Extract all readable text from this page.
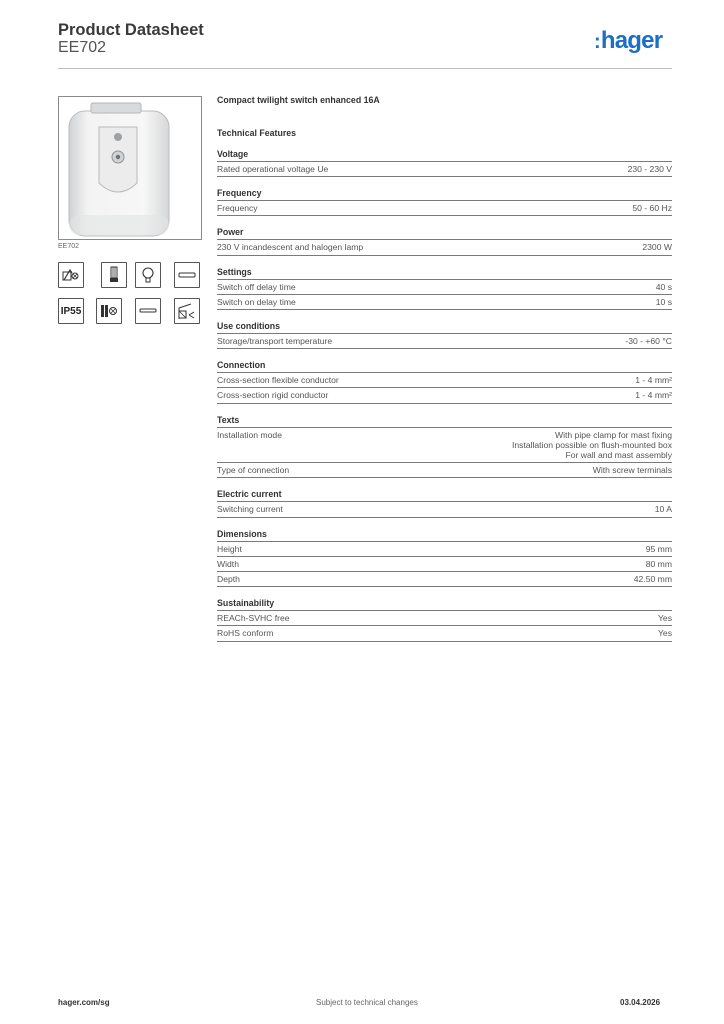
Product Datasheet
EE702	:hager
EE702
IP55
Compact twilight switch enhanced 16A
Technical Features
Voltage
Rated operational voltage Ue	230 - 230 V
Frequency
Frequency	50 - 60 Hz
Power
230 V incandescent and halogen lamp	2300 W
Settings
Switch off delay time	40 s
Switch on delay time	10 s
Use conditions
Storage/transport temperature	-30 - +60 °C
Connection
Cross-section flexible conductor	1 - 4 mm²
Cross-section rigid conductor	1 - 4 mm²
Texts
Installation mode	With pipe clamp for mast fixing
Installation possible on flush-mounted box
For wall and mast assembly
Type of connection	With screw terminals
Electric current
Switching current	10 A
Dimensions
Height	95 mm
Width	80 mm
Depth	42.50 mm
Sustainability
REACh-SVHC free	Yes
RoHS conform	Yes
hager.com/sg	Subject to technical changes	03.04.2026
